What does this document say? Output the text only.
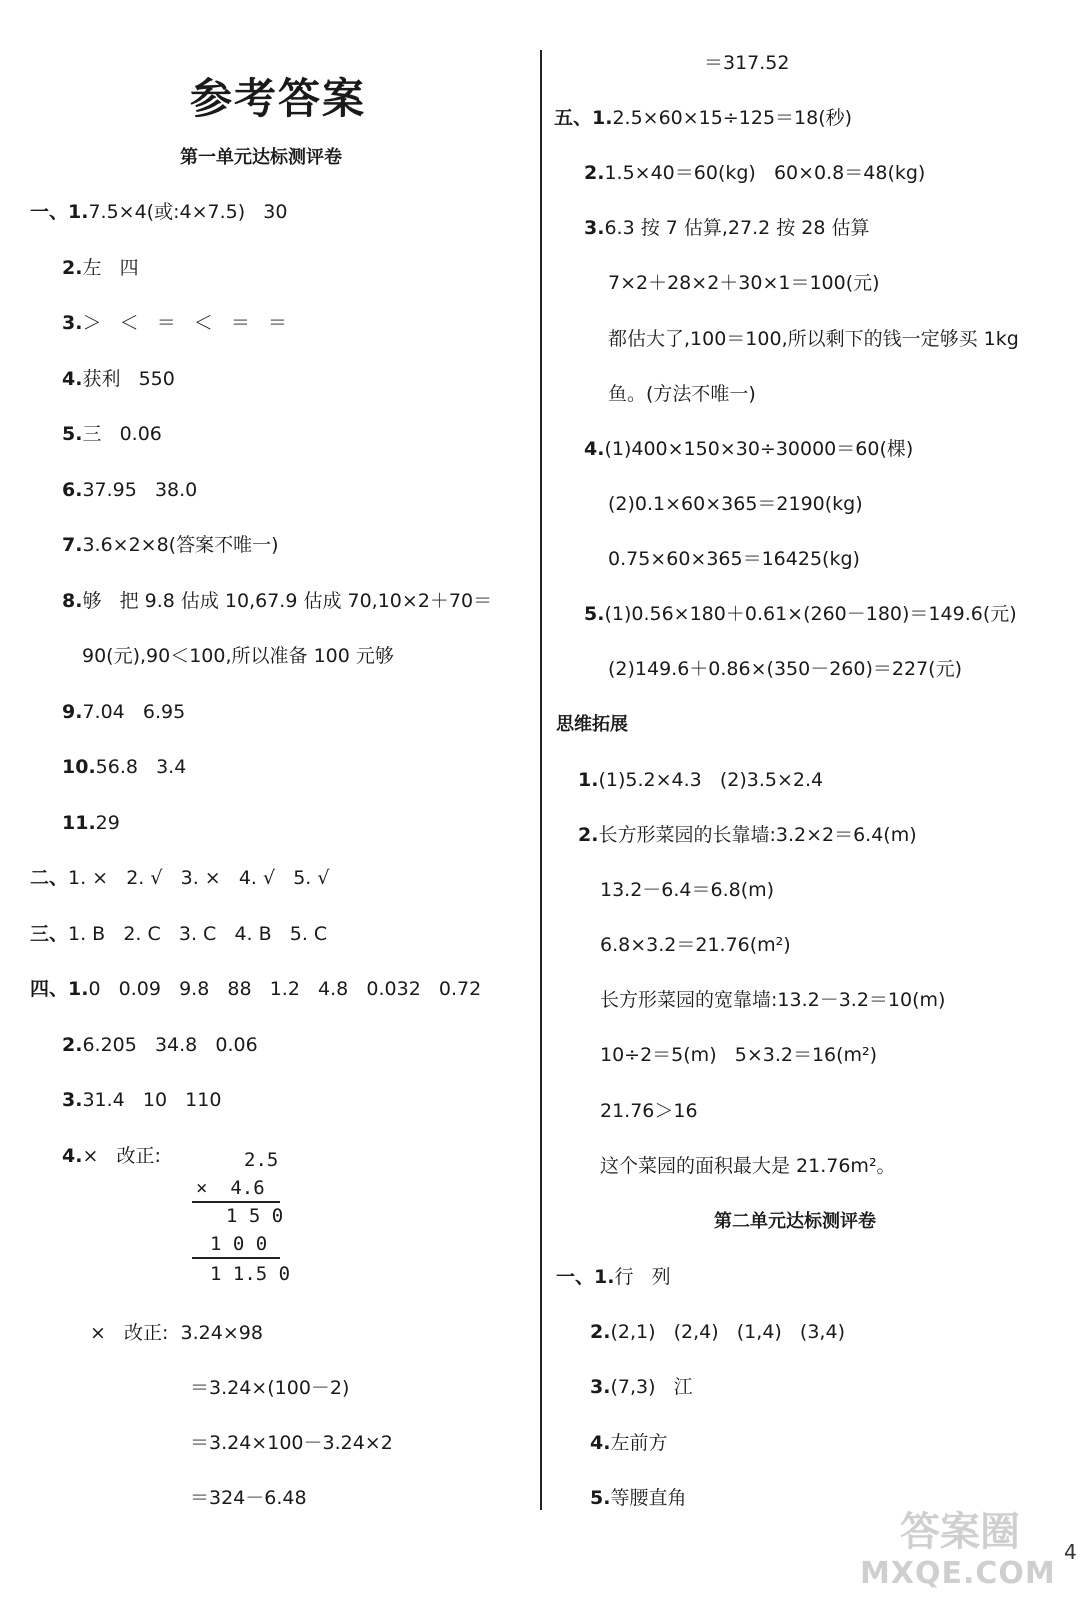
参考答案
第一单元达标测评卷
一、1.7.5×4(或:4×7.5)   30
2.左   四
3.＞   ＜   ＝   ＜   ＝   ＝
4.获利   550
5.三   0.06
6.37.95   38.0
7.3.6×2×8(答案不唯一)
8.够   把 9.8 估成 10,67.9 估成 70,10×2＋70＝
90(元),90＜100,所以准备 100 元够
9.7.04   6.95
10.56.8   3.4
11.29
二、1. ×   2. √   3. ×   4. √   5. √
三、1. B   2. C   3. C   4. B   5. C
四、1.0   0.09   9.8   88   1.2   4.8   0.032   0.72
2.6.205   34.8   0.06
3.31.4   10   110
4.×   改正:	2.5
×  4.6
1 5 0
1 0 0
1 1.5 0
×   改正:  3.24×98
＝3.24×(100－2)
＝3.24×100－3.24×2
＝324－6.48
＝317.52
五、1.2.5×60×15÷125＝18(秒)
2.1.5×40＝60(kg)   60×0.8＝48(kg)
3.6.3 按 7 估算,27.2 按 28 估算
7×2＋28×2＋30×1＝100(元)
都估大了,100＝100,所以剩下的钱一定够买 1kg
鱼。(方法不唯一)
4.(1)400×150×30÷30000＝60(棵)
(2)0.1×60×365＝2190(kg)
0.75×60×365＝16425(kg)
5.(1)0.56×180＋0.61×(260－180)＝149.6(元)
(2)149.6＋0.86×(350－260)＝227(元)
思维拓展
1.(1)5.2×4.3   (2)3.5×2.4
2.长方形菜园的长靠墙:3.2×2＝6.4(m)
13.2－6.4＝6.8(m)
6.8×3.2＝21.76(m²)
长方形菜园的宽靠墙:13.2－3.2＝10(m)
10÷2＝5(m)   5×3.2＝16(m²)
21.76＞16
这个菜园的面积最大是 21.76m²。
第二单元达标测评卷
一、1.行   列
2.(2,1)   (2,4)   (1,4)   (3,4)
3.(7,3)   江
4.左前方
5.等腰直角
答案圈
MXQE.COM
4
